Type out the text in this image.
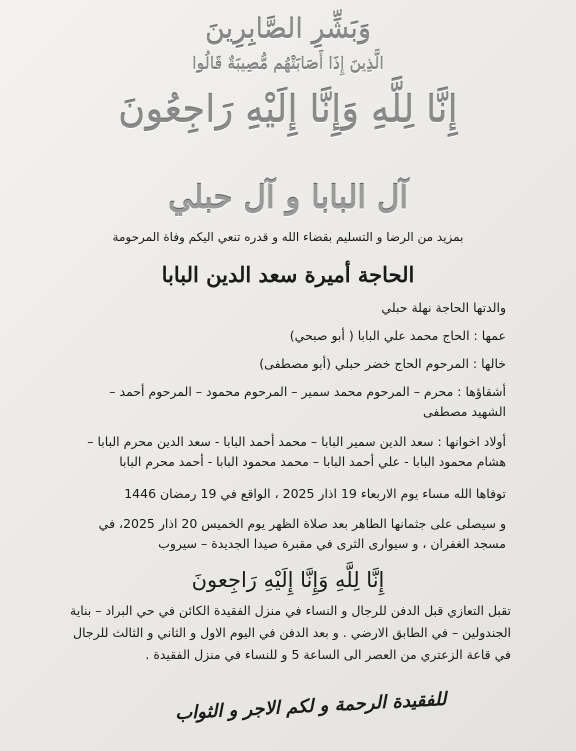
وَبَشِّرِ الصَّابِرِينَ
الَّذِينَ إِذَا أَصَابَتْهُم مُّصِيبَةٌ قَالُوا
إِنَّا لِلَّهِ وَإِنَّا إِلَيْهِ رَاجِعُونَ
آل البابا و آل حبلي
بمزيد من الرضا و التسليم بقضاء الله و قدره تنعي اليكم وفاة المرحومة
الحاجة أميرة سعد الدين البابا
والدتها الحاجة نهلة حبلي
عمها : الحاج محمد علي البابا ( أبو صبحي)
خالها : المرحوم الحاج خضر حبلي (أبو مصطفى)
أشقاؤها : محرم – المرحوم محمد سمير – المرحوم محمود – المرحوم أحمد – الشهيد مصطفى
أولاد اخوانها : سعد الدين سمير البابا – محمد أحمد البابا - سعد الدين محرم البابا – هشام محمود البابا - علي أحمد البابا – محمد محمود البابا - أحمد محرم البابا
توفاها الله مساء يوم الاربعاء 19 اذار 2025 ، الواقع في 19 رمضان 1446
و سيصلى على جثمانها الطاهر بعد صلاة الظهر يوم الخميس 20 اذار 2025، في مسجد الغفران ، و سيوارى الثرى في مقبرة صيدا الجديدة – سيروب
إِنَّا لِلَّهِ وَإِنَّا إِلَيْهِ رَاجِعونَ
تقبل التعازي قبل الدفن للرجال و النساء في منزل الفقيدة الكائن في حي البراد – بناية الجندولين – في الطابق الارضي . و بعد الدفن في اليوم الاول و الثاني و الثالث للرجال في قاعة الزعتري من العصر الى الساعة 5 و للنساء في منزل الفقيدة .
للفقيدة الرحمة و لكم الاجر و الثواب
